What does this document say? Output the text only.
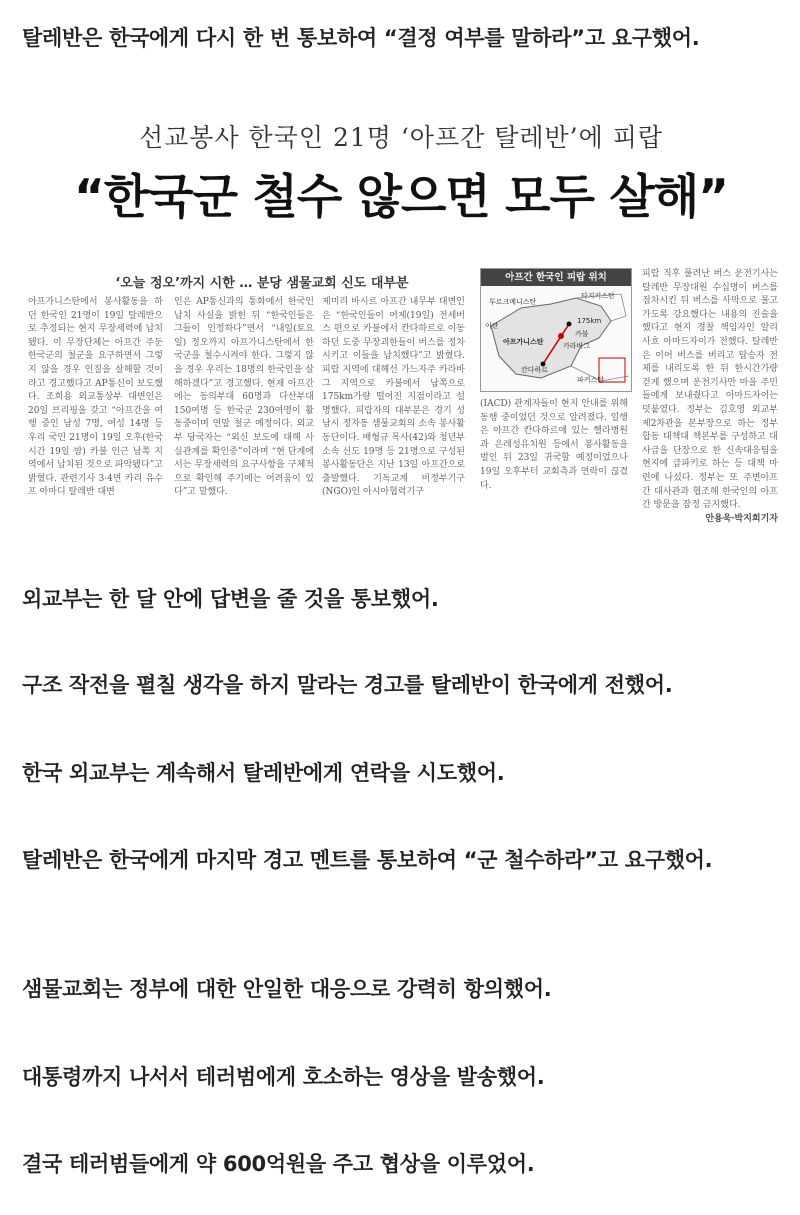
탈레반은 한국에게 다시 한 번 통보하여 “결정 여부를 말하라”고 요구했어.
선교봉사 한국인 21명 ‘아프간 탈레반’에 피랍
“한국군 철수 않으면 모두 살해”
‘오늘 정오’까지 시한 … 분당 샘물교회 신도 대부분
아프가니스탄에서 봉사활동을 하던 한국인 21명이 19일 탈레반으로 추정되는 현지 무장세력에 납치됐다. 이 무장단체는 아프간 주둔 한국군의 철군을 요구하면서 그렇지 않을 경우 인질을 살해할 것이라고 경고했다고 AP통신이 보도했다. 조희용 외교통상부 대변인은 20일 브리핑을 갖고 “아프간을 여행 중인 남성 7명, 여성 14명 등 우리 국민 21명이 19일 오후(한국시간 19일 밤) 카불 인근 남쪽 지역에서 납치된 것으로 파악됐다”고 밝혔다. 관련기사 3·4면 카리 유수프 아마디 탈레반 대변
인은 AP통신과의 통화에서 한국인 납치 사실을 밝힌 뒤 “한국인들은 그들이 인정하다”면서 “내일(토요일) 정오까지 아프가니스탄에서 한국군을 철수시켜야 한다. 그렇지 않을 경우 우리는 18명의 한국인을 살해하겠다”고 경고했다. 현재 아프간에는 동의부대 60명과 다산부대 150여명 등 한국군 230여명이 활동중이며 연말 철군 예정이다. 외교부 당국자는 “외신 보도에 대해 사실관계를 확인중”이라며 “현 단계에서는 무장세력의 요구사항을 구체적으로 확인해 주기에는 어려움이 있다”고 말했다.
제미리 바시르 아프간 내무부 대변인은 “한국인들이 어제(19일) 전세버스 편으로 카불에서 칸다하르로 이동하던 도중 무장괴한들이 버스를 정차시키고 이들을 납치했다”고 밝혔다. 피랍 지역에 대해선 가느자주 카라바그 지역으로 카불에서 남쪽으로 175km가량 떨어진 지점이라고 설명했다. 피랍자의 대부분은 경기 성남시 정자동 샘물교회의 소속 봉사활동단이다. 배형규 목사(42)와 청년부 소속 신도 19명 등 21명으로 구성된 봉사활동단은 지난 13일 아프간으로 출발했다. 기독교계 비정부기구(NGO)인 아시아협력기구
(IACD) 관계자들이 현지 안내를 위해 동행 중이었던 것으로 알려졌다. 일행은 아프간 칸다하르에 있는 헬라병원과 은레성유치원 등에서 봉사활동을 벌인 뒤 23일 귀국할 예정이었으나 19일 오후부터 교회측과 연락이 끊겼다.
피랍 직후 풀려난 버스 운전기사는 탈레반 무장대원 수십명이 버스를 점차시킨 뒤 버스를 사막으로 몰고 가도록 강요했다는 내용의 진술을 했다고 현지 경찰 책임자인 알리 사흐 아마드자이가 전했다. 탈레반은 이어 버스를 버리고 탑승자 전체를 내리도록 한 뒤 한시간가량 걷게 했으며 운전기사만 마을 주민들에게 보내줬다고 아마드자이는 덧붙였다. 정부는 김호영 외교부 제2차관을 본부장으로 하는 정부합동 대책대 책본부를 구성하고 대사급을 단장으로 한 신속대응팀을 현지에 급파키로 하는 등 대책 마련에 나섰다. 정부는 또 주변아프간 대사관과 협조해 한국인의 아프간 방문을 잠정 금지했다.
안용욱·박지희기자
아프간 한국인 피랍 위치
투르크메니스탄
타지키스탄
이란
175km
아프가니스탄
카불
카라바그
칸다하르
파키스탄
외교부는 한 달 안에 답변을 줄 것을 통보했어.
구조 작전을 펼칠 생각을 하지 말라는 경고를 탈레반이 한국에게 전했어.
한국 외교부는 계속해서 탈레반에게 연락을 시도했어.
탈레반은 한국에게 마지막 경고 멘트를 통보하여 “군 철수하라”고 요구했어.
샘물교회는 정부에 대한 안일한 대응으로 강력히 항의했어.
대통령까지 나서서 테러범에게 호소하는 영상을 발송했어.
결국 테러범들에게 약 600억원을 주고 협상을 이루었어.
